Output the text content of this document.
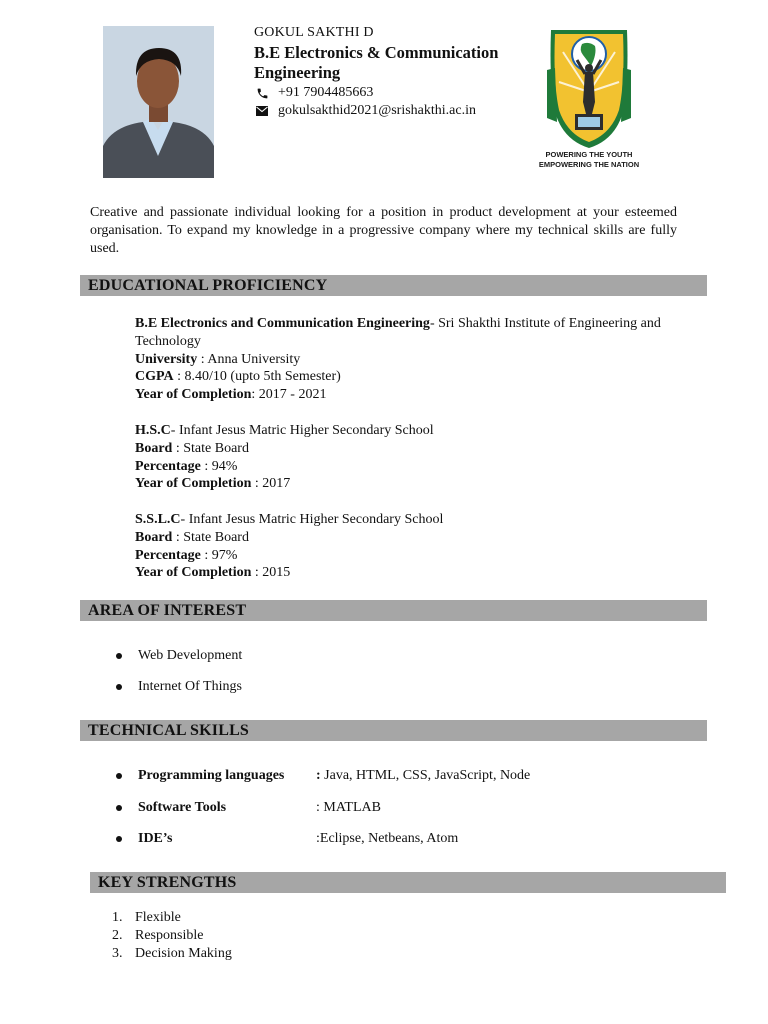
GOKUL SAKTHI D
B.E Electronics & Communication Engineering
+91 7904485663
gokulsakthid2021@srishakthi.ac.in
POWERING THE YOUTH
EMPOWERING THE NATION
Creative and passionate individual looking for a position in product development at your esteemed organisation. To expand my knowledge in a progressive company where my technical skills are fully used.
EDUCATIONAL PROFICIENCY
B.E Electronics and Communication Engineering- Sri Shakthi Institute of Engineering and Technology
University : Anna University
CGPA : 8.40/10 (upto 5th Semester)
Year of Completion: 2017 - 2021
H.S.C- Infant Jesus Matric Higher Secondary School
Board : State Board
Percentage : 94%
Year of Completion : 2017
S.S.L.C- Infant Jesus Matric Higher Secondary School
Board : State Board
Percentage : 97%
Year of Completion : 2015
AREA OF INTEREST
Web Development
Internet Of Things
TECHNICAL SKILLS
Programming languages	: Java, HTML, CSS, JavaScript, Node
Software Tools	: MATLAB
IDE’s	:Eclipse, Netbeans, Atom
KEY STRENGTHS
1. Flexible
2. Responsible
3. Decision Making
